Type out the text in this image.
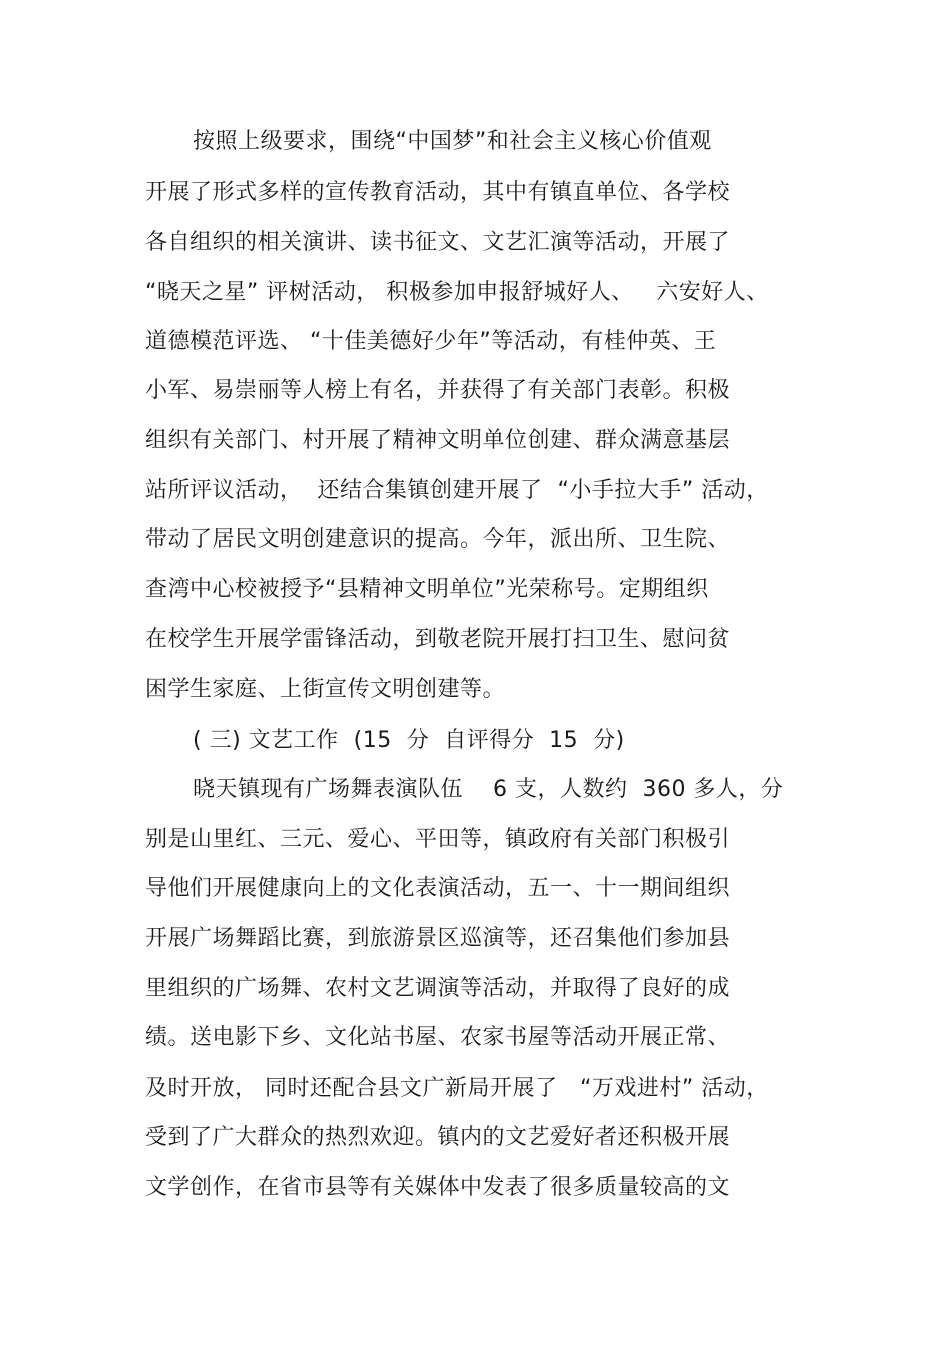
按照上级要求，围绕“中国梦”和社会主义核心价值观
开展了形式多样的宣传教育活动，其中有镇直单位、各学校
各自组织的相关演讲、读书征文、文艺汇演等活动，开展了
“晓天之星” 评树活动， 积极参加申报舒城好人、   六安好人、
道德模范评选、 “十佳美德好少年”等活动，有桂仲英、王
小军、易崇丽等人榜上有名，并获得了有关部门表彰。积极
组织有关部门、村开展了精神文明单位创建、群众满意基层
站所评议活动，  还结合集镇创建开展了  “小手拉大手” 活动，
带动了居民文明创建意识的提高。今年，派出所、卫生院、
查湾中心校被授予“县精神文明单位”光荣称号。定期组织
在校学生开展学雷锋活动，到敬老院开展打扫卫生、慰问贫
困学生家庭、上街宣传文明创建等。
( 三) 文艺工作  (15  分  自评得分  15  分)
晓天镇现有广场舞表演队伍    6 支，人数约  360 多人，分
别是山里红、三元、爱心、平田等，镇政府有关部门积极引
导他们开展健康向上的文化表演活动，五一、十一期间组织
开展广场舞蹈比赛，到旅游景区巡演等，还召集他们参加县
里组织的广场舞、农村文艺调演等活动，并取得了良好的成
绩。送电影下乡、文化站书屋、农家书屋等活动开展正常、
及时开放， 同时还配合县文广新局开展了   “万戏进村” 活动，
受到了广大群众的热烈欢迎。镇内的文艺爱好者还积极开展
文学创作，在省市县等有关媒体中发表了很多质量较高的文
